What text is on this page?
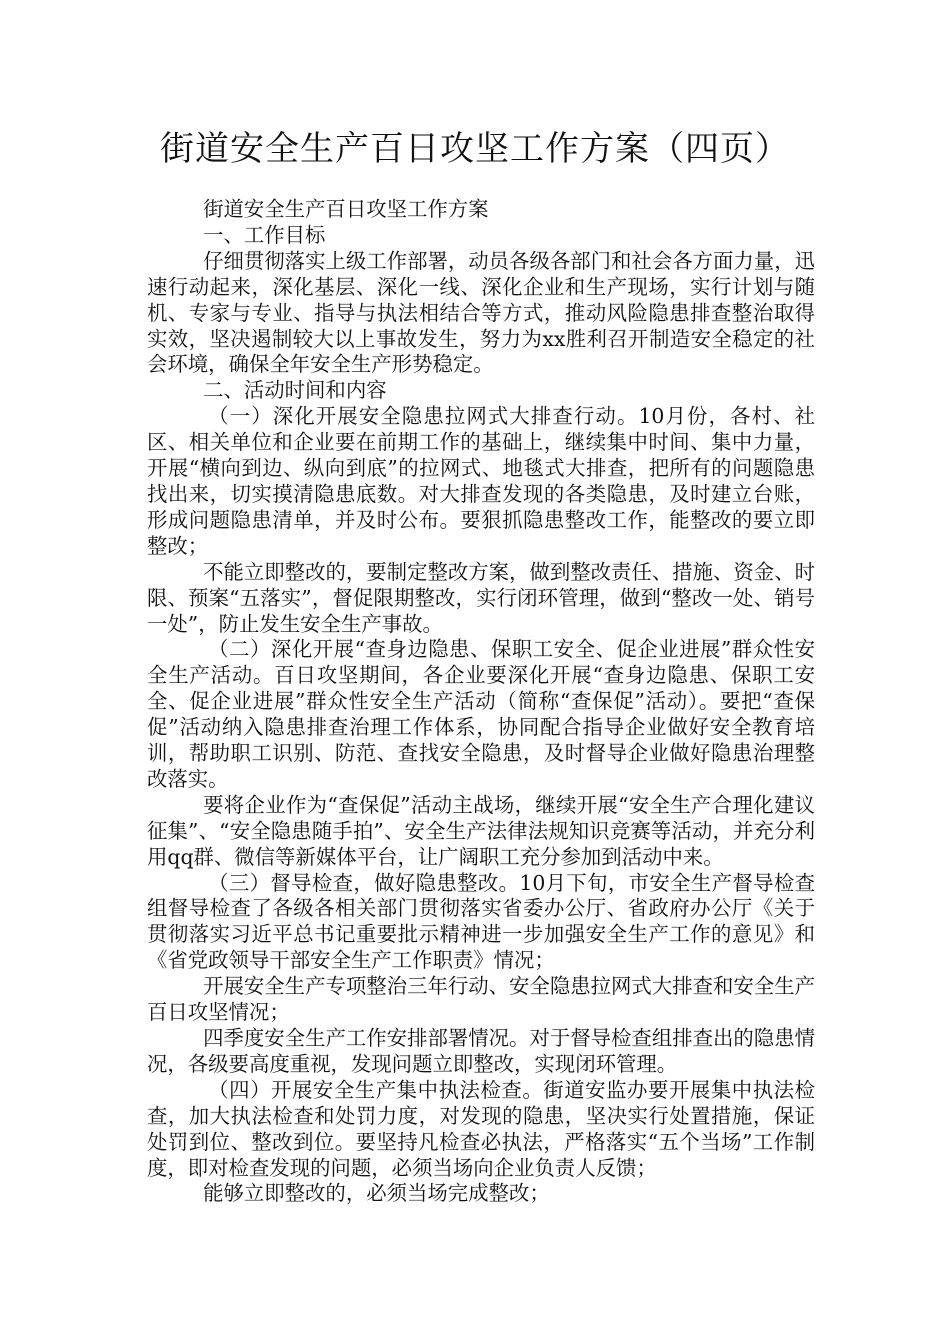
街道安全生产百日攻坚工作方案（四页）

街道安全生产百日攻坚工作方案

一、工作目标

仔细贯彻落实上级工作部署，动员各级各部门和社会各方面力量，迅速行动起来，深化基层、深化一线、深化企业和生产现场，实行计划与随机、专家与专业、指导与执法相结合等方式，推动风险隐患排查整治取得实效，坚决遏制较大以上事故发生，努力为xx胜利召开制造安全稳定的社会环境，确保全年安全生产形势稳定。

二、活动时间和内容

（一）深化开展安全隐患拉网式大排查行动。10月份，各村、社区、相关单位和企业要在前期工作的基础上，继续集中时间、集中力量，开展“横向到边、纵向到底”的拉网式、地毯式大排查，把所有的问题隐患找出来，切实摸清隐患底数。对大排查发现的各类隐患，及时建立台账，形成问题隐患清单，并及时公布。要狠抓隐患整改工作，能整改的要立即整改；

不能立即整改的，要制定整改方案，做到整改责任、措施、资金、时限、预案“五落实”，督促限期整改，实行闭环管理，做到“整改一处、销号一处”，防止发生安全生产事故。

（二）深化开展“查身边隐患、保职工安全、促企业进展”群众性安全生产活动。百日攻坚期间，各企业要深化开展“查身边隐患、保职工安全、促企业进展”群众性安全生产活动（简称“查保促”活动）。要把“查保促”活动纳入隐患排查治理工作体系，协同配合指导企业做好安全教育培训，帮助职工识别、防范、查找安全隐患，及时督导企业做好隐患治理整改落实。

要将企业作为“查保促”活动主战场，继续开展“安全生产合理化建议征集”、“安全隐患随手拍”、安全生产法律法规知识竞赛等活动，并充分利用qq群、微信等新媒体平台，让广阔职工充分参加到活动中来。

（三）督导检查，做好隐患整改。10月下旬，市安全生产督导检查组督导检查了各级各相关部门贯彻落实省委办公厅、省政府办公厅《关于贯彻落实习近平总书记重要批示精神进一步加强安全生产工作的意见》和《省党政领导干部安全生产工作职责》情况；

开展安全生产专项整治三年行动、安全隐患拉网式大排查和安全生产百日攻坚情况；

四季度安全生产工作安排部署情况。对于督导检查组排查出的隐患情况，各级要高度重视，发现问题立即整改，实现闭环管理。

（四）开展安全生产集中执法检查。街道安监办要开展集中执法检查，加大执法检查和处罚力度，对发现的隐患，坚决实行处置措施，保证处罚到位、整改到位。要坚持凡检查必执法，严格落实“五个当场”工作制度，即对检查发现的问题，必须当场向企业负责人反馈；

能够立即整改的，必须当场完成整改；
